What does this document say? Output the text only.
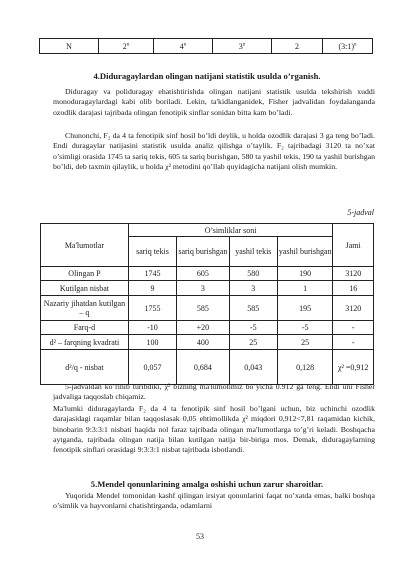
N	2$^n$	4$^n$	3$^n$	2	(3:1)$^n$
4.Diduragaylardan olingan natijani statistik usulda o’rganish.
Diduragay va poliduragay ehatishtirishda olingan natijani statistik usulda tekshirish xuddi monoduragaylardagi kabi olib boriladi. Lekin, ta'kidlanganidek, Fisher jadvalidan foydalanganda ozodlik darajasi tajribada olingan fenotipik sinflar sonidan bitta kam bo’ladi.
Chunonchi, F₂ da 4 ta fenotipik sinf hosil bo’ldi deylik, u holda ozodlik darajasi 3 ga teng bo’ladi. Endi duragaylar natijasini statistik usulda analiz qilishga o’taylik. F₂ tajribadagi 3120 ta no’xat o’simligi orasida 1745 ta sariq tekis, 605 ta sariq burishgan, 580 ta yashil tekis, 190 ta yashil burishgan bo’ldi, deb taxmin qilaylik, u holda χ² metodini qo’llab quyidagicha natijani olish mumkin.
5-jadval
Ma'lumotlar	O’simliklar soni				Jami
	sariq tekis	sariq burishgan	yashil tekis	yashil burishgan	
Olingan P	1745	605	580	190	3120
Kutilgan nisbat	9	3	3	1	16
Nazariy jihatdan kutilgan – q	1755	585	585	195	3120
Farq-d	-10	+20	-5	-5	-
d² – farqning kvadrati	100	400	25	25	-
d²/q - nisbat	0,057	0,684	0,043	0,128	χ² =0,912
5-jadvaldan ko’rinib turibdiki, χ² bizning ma'lumotimiz bo’yicha 0.912 ga teng. Endi uni Fisher jadvaliga taqqoslab chiqamiz.
Ma'lumki diduragaylarda F₂ da 4 ta fenotipik sinf hosil bo’lgani uchun, biz uchinchi ozodlik darajasidagi raqamlar bilan taqqoslasak 0,05 ehtimollikda χ² miqdori 0,912<7,81 raqamidan kichik, binobarin 9:3:3:1 nisbati haqida nol faraz tajribada olingan ma'lumotlarga to’g’ri keladi. Boshqacha aytganda, tajribada olingan natija bilan kutilgan natija bir-biriga mos. Demak, diduragaylarning fenotipik sinflari orasidagi 9:3:3:1 nisbat tajribada isbotlandi.
5.Mendel qonunlarining amalga oshishi uchun zarur sharoitlar.
Yuqorida Mendel tomonidan kashf qilingan irsiyat qonunlarini faqat no’xatda emas, balki boshqa o’simlik va hayvonlarni chatishtirganda, odamlarni
53
